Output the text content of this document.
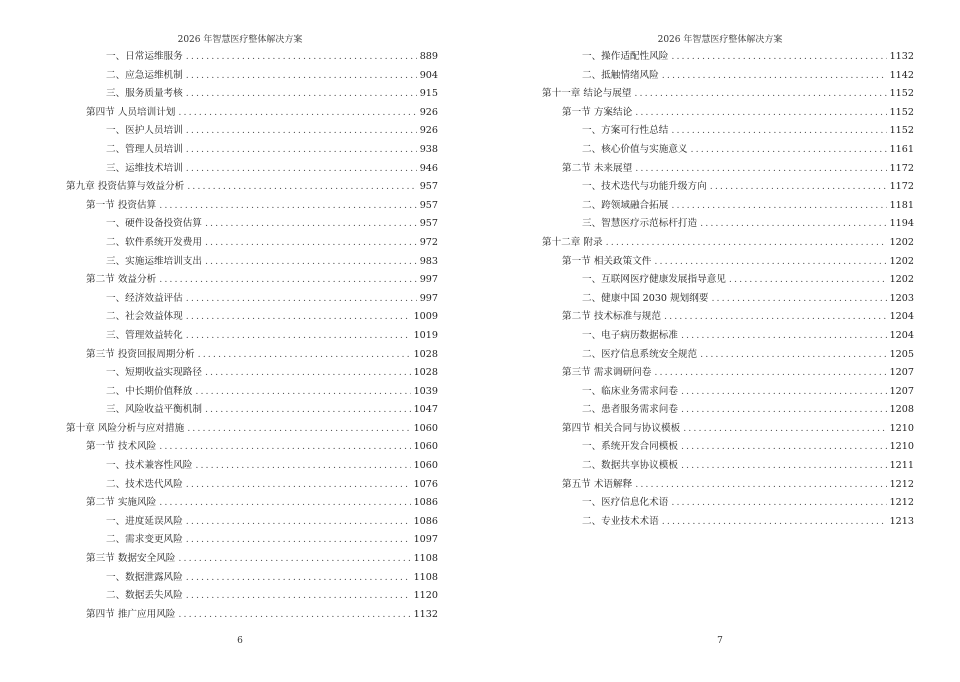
2026 年智慧医疗整体解决方案
一、日常运维服务 . . .	889
二、应急运维机制 . . .	904
三、服务质量考核 . . .	915
第四节 人员培训计划 . . .	926
一、医护人员培训 . . .	926
二、管理人员培训 . . .	938
三、运维技术培训 . . .	946
第九章 投资估算与效益分析 . . .	957
第一节 投资估算 . . .	957
一、硬件设备投资估算 . . .	957
二、软件系统开发费用 . . .	972
三、实施运维培训支出 . . .	983
第二节 效益分析 . . .	997
一、经济效益评估 . . .	997
二、社会效益体现 . . .	1009
三、管理效益转化 . . .	1019
第三节 投资回报周期分析 . . .	1028
一、短期收益实现路径 . . .	1028
二、中长期价值释放 . . .	1039
三、风险收益平衡机制 . . .	1047
第十章 风险分析与应对措施 . . .	1060
第一节 技术风险 . . .	1060
一、技术兼容性风险 . . .	1060
二、技术迭代风险 . . .	1076
第二节 实施风险 . . .	1086
一、进度延误风险 . . .	1086
二、需求变更风险 . . .	1097
第三节 数据安全风险 . . .	1108
一、数据泄露风险 . . .	1108
二、数据丢失风险 . . .	1120
第四节 推广应用风险 . . .	1132
6
2026 年智慧医疗整体解决方案
一、操作适配性风险 . . .	1132
二、抵触情绪风险 . . .	1142
第十一章 结论与展望 . . .	1152
第一节 方案结论 . . .	1152
一、方案可行性总结 . . .	1152
二、核心价值与实施意义 . . .	1161
第二节 未来展望 . . .	1172
一、技术迭代与功能升级方向 . . .	1172
二、跨领域融合拓展 . . .	1181
三、智慧医疗示范标杆打造 . . .	1194
第十二章 附录 . . .	1202
第一节 相关政策文件 . . .	1202
一、互联网医疗健康发展指导意见 . . .	1202
二、健康中国 2030 规划纲要 . . .	1203
第二节 技术标准与规范 . . .	1204
一、电子病历数据标准 . . .	1204
二、医疗信息系统安全规范 . . .	1205
第三节 需求调研问卷 . . .	1207
一、临床业务需求问卷 . . .	1207
二、患者服务需求问卷 . . .	1208
第四节 相关合同与协议模板 . . .	1210
一、系统开发合同模板 . . .	1210
二、数据共享协议模板 . . .	1211
第五节 术语解释 . . .	1212
一、医疗信息化术语 . . .	1212
二、专业技术术语 . . .	1213
7
